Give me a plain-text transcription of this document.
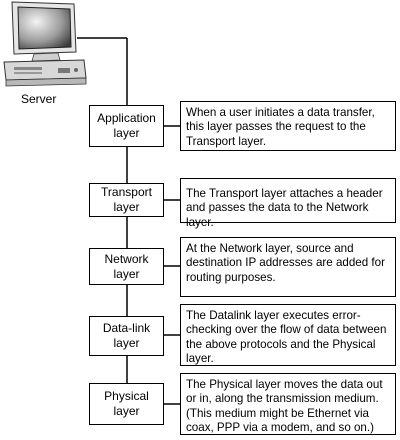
Server
Application layer
When a user initiates a data transfer, this layer passes the request to the Transport layer.
Transport layer
The Transport layer attaches a header and passes the data to the Network layer.
Network layer
At the Network layer, source and destination IP addresses are added for routing purposes.
Data-link layer
The Datalink layer executes error-checking over the flow of data between the above protocols and the Physical layer.
Physical layer
The Physical layer moves the data out or in, along the transmission medium. (This medium might be Ethernet via coax, PPP via a modem, and so on.)
